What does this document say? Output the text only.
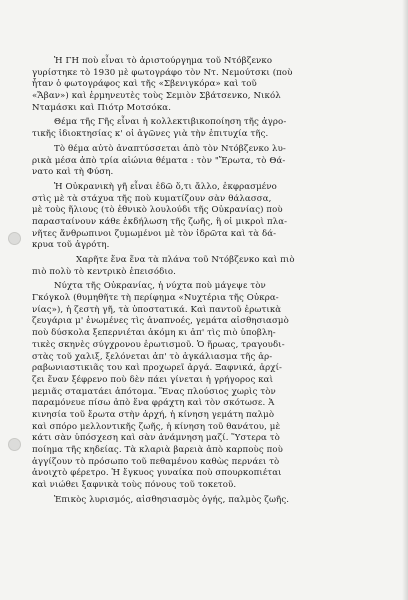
Ἡ ΓΗ ποὺ εἶναι τὸ ἀριστούργημα τοῦ Ντόβζενκο
γυρίστηκε τὸ 1930 μὲ φωτογράφο τὸν Ντ. Νεμούτσκι (ποὺ
ἦταν ὁ φωτογράφος καὶ τῆς «Σβενιγκόρα» καὶ τοῦ
«Ἄβαν») καὶ ἑρμηνευτὲς τοὺς Σεμιὸν Σβάτσενκο, Νικόλ
Νταμάσκι καὶ Πιότρ Μοτσόκα.
Θέμα τῆς Γῆς εἶναι ἡ κολλεκτιβικοποίηση τῆς ἀγρο-
τικῆς ἰδιοκτησίας κ' οἱ ἀγῶνες γιὰ τὴν ἐπιτυχία τῆς.
Τὸ θέμα αὐτὸ ἀναπτύσσεται ἀπὸ τὸν Ντόβζενκο λυ-
ρικὰ μέσα ἀπὸ τρία αἰώνια θέματα : τὸν "Ἔρωτα, τὸ Θά-
νατο καὶ τὴ Φύση.
Ἡ Οὐκρανικὴ γῆ εἶναι ἐδῶ ὅ,τι ἄλλο, ἐκφρασμένο
στὶς μὲ τὰ στάχυα τῆς ποὺ κυματίζουν σὰν θάλασσα,
μὲ τοὺς ἥλιους (τὸ ἐθνικὸ λουλούδι τῆς Οὐκρανίας) ποὺ
παρασταίνουν κάθε ἐκδήλωση τῆς ζωῆς, ἢ οἱ μικροὶ πλα-
νῆτες ἄνθρωπινοι ζυμωμένοι μὲ τὸν ἱδρῶτα καὶ τὰ δά-
κρυα τοῦ ἀγρότη.
Χαρῆτε ἕνα ἕνα τὰ πλάνα τοῦ Ντόβζενκο καὶ πιὸ
πιὸ πολὺ τὸ κεντρικὸ ἐπεισόδιο.
Νύχτα τῆς Οὐκρανίας, ἡ νύχτα ποὺ μάγεψε τὸν
Γκόγκολ (θυμηθῆτε τὴ περίφημα «Νυχτέρια τῆς Οὐκρα-
νίας»), ἡ ζεστὴ γῆ, τὰ ὑποστατικά. Καὶ παντοῦ ἐρωτικὰ
ζευγάρια μ' ἑνωμένες τὶς ἀναπνοές, γεμάτα αἰσθησιασμὸ
ποὺ δύσκολα ξεπερνιέται ἀκόμη κι ἀπ' τὶς πιὸ ὑποβλη-
τικὲς σκηνὲς σύγχρονου ἐρωτισμοῦ. Ὁ ἥρωας, τραγουδι-
στὰς τοῦ χαλιξ, ξελόνεται ἀπ' τὸ ἀγκάλιασμα τῆς ἀρ-
ραβωνιαστικιᾶς του καὶ προχωρεῖ ἀργά. Ξαφνικά, ἀρχί-
ζει ἕναν ξέφρενο ποὺ δὲν πάει γίνεται ἡ γρήγορος καὶ
μεμιᾶς σταματάει ἀπότομα. Ἕνας πλούσιος χωρὶς τὸν
παραμόνευε πίσω ἀπὸ ἕνα φράχτη καὶ τὸν σκότωσε. Ἀ
κινησία τοῦ ἔρωτα στὴν ἀρχή, ἡ κίνηση γεμάτη παλμὸ
καὶ σπόρο μελλοντικῆς ζωῆς, ἡ κίνηση τοῦ θανάτου, μὲ
κάτι σὰν ὑπόσχεση καὶ σὰν ἀνάμνηση μαζί. Ὕστερα τὸ
ποίημα τῆς κηδείας. Τὰ κλαριὰ βαρειὰ ἀπὸ καρποὺς ποὺ
ἀγγίζουν τὸ πρόσωπο τοῦ πεθαμένου καθὼς περνάει τὸ
ἀνοιχτὸ φέρετρο. Ἡ ἔγκυος γυναίκα ποὺ σπουρκοπιέται
καὶ νιώθει ξαφνικὰ τοὺς πόνους τοῦ τοκετοῦ.
Ἐπικὸς λυρισμός, αἰσθησιασμὸς ὀγής, παλμὸς ζωῆς.
